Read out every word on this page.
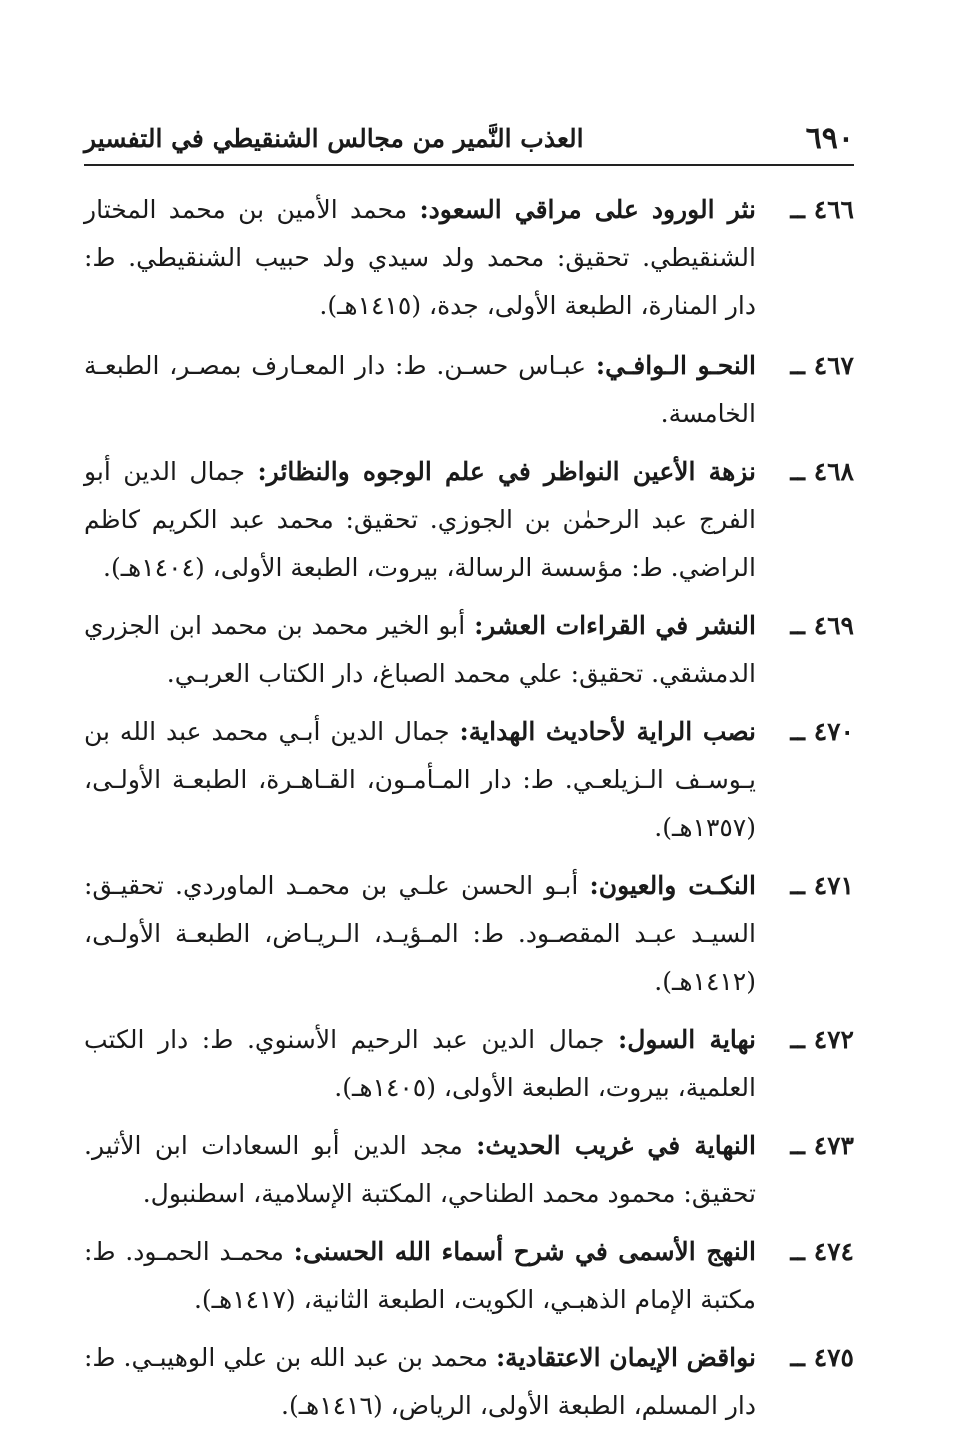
٦٩٠
العذب النَّمير من مجالس الشنقيطي في التفسير
٤٦٦ ــ
نثر الورود على مراقي السعود: محمد الأمين بن محمد المختار الشنقيطي. تحقيق: محمد ولد سيدي ولد حبيب الشنقيطي. ط: دار المنارة، الطبعة الأولى، جدة، (١٤١٥هـ).
٤٦٧ ــ
النحـو الـوافـي: عبـاس حسـن. ط: دار المعـارف بمصـر، الطبعـة الخامسة.
٤٦٨ ــ
نزهة الأعين النواظر في علم الوجوه والنظائر: جمال الدين أبو الفرج عبد الرحمٰن بن الجوزي. تحقيق: محمد عبد الكريم كاظم الراضي. ط: مؤسسة الرسالة، بيروت، الطبعة الأولى، (١٤٠٤هـ).
٤٦٩ ــ
النشر في القراءات العشر: أبو الخير محمد بن محمد ابن الجزري الدمشقي. تحقيق: علي محمد الصباغ، دار الكتاب العربـي.
٤٧٠ ــ
نصب الراية لأحاديث الهداية: جمال الدين أبـي محمد عبد الله بن يـوسـف الـزيلعـي. ط: دار المـأمـون، القـاهـرة، الطبعـة الأولـى، (١٣٥٧هـ).
٤٧١ ــ
النكـت والعيون: أبـو الحسن علـي بن محمـد الماوردي. تحقيـق: السيـد عبـد المقصـود. ط: المـؤيـد، الـريـاض، الطبعـة الأولـى، (١٤١٢هـ).
٤٧٢ ــ
نهاية السول: جمال الدين عبد الرحيم الأسنوي. ط: دار الكتب العلمية، بيروت، الطبعة الأولى، (١٤٠٥هـ).
٤٧٣ ــ
النهاية في غريب الحديث: مجد الدين أبو السعادات ابن الأثير. تحقيق: محمود محمد الطناحي، المكتبة الإسلامية، اسطنبول.
٤٧٤ ــ
النهج الأسمى في شرح أسماء الله الحسنى: محمـد الحمـود. ط: مكتبة الإمام الذهبـي، الكويت، الطبعة الثانية، (١٤١٧هـ).
٤٧٥ ــ
نواقض الإيمان الاعتقادية: محمد بن عبد الله بن علي الوهيبـي. ط: دار المسلم، الطبعة الأولى، الرياض، (١٤١٦هـ).
